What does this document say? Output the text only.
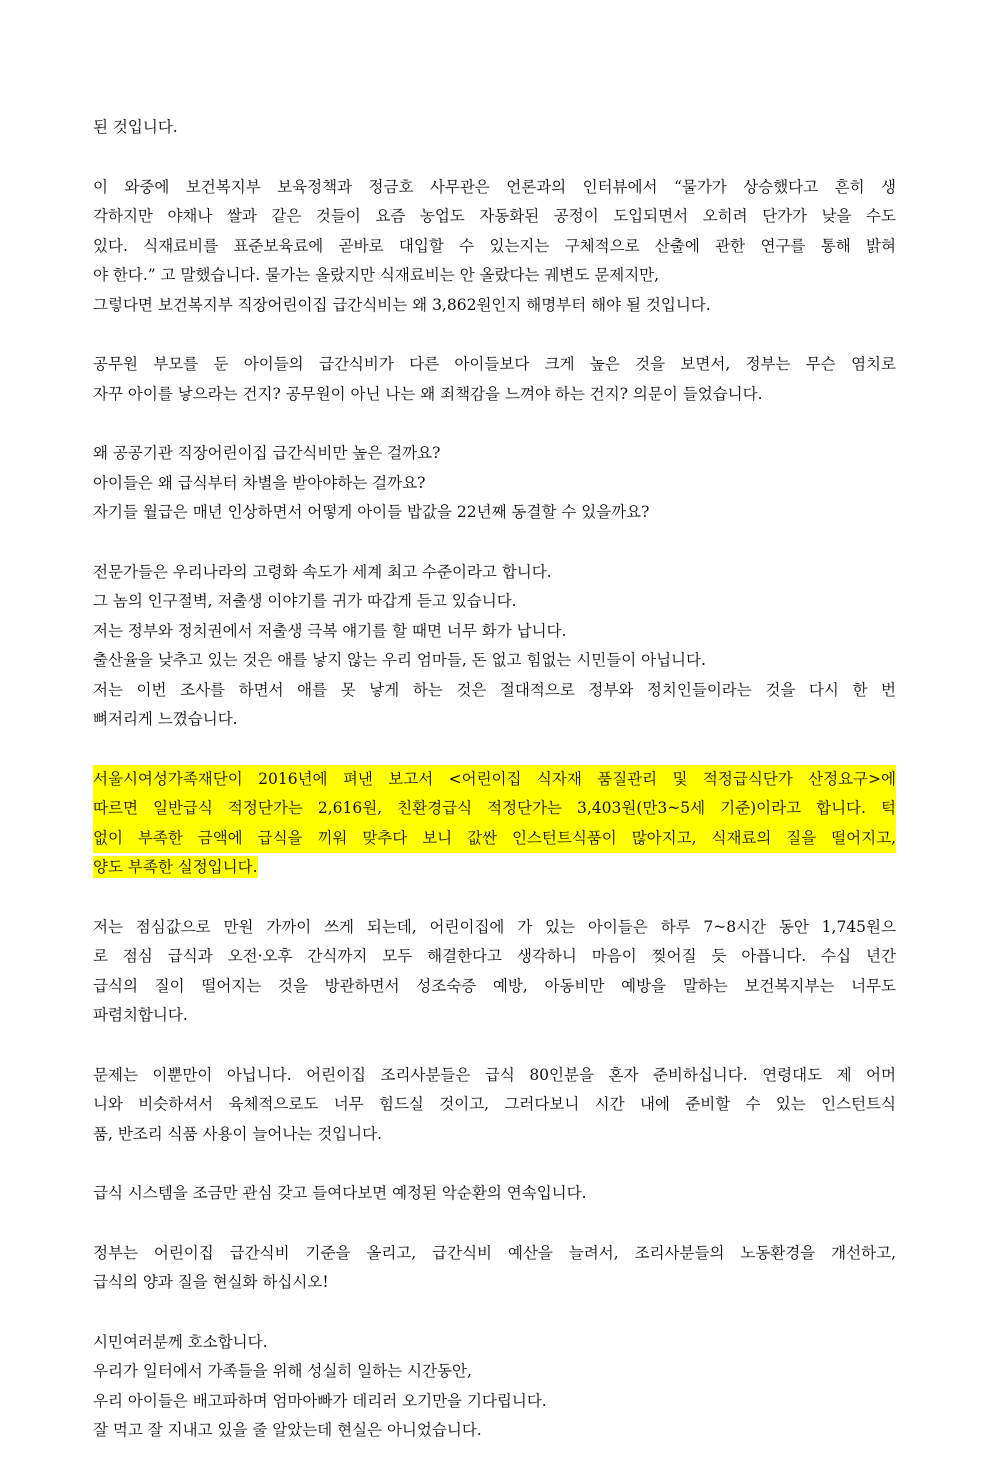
된 것입니다.
이 와중에 보건복지부 보육정책과 정금호 사무관은 언론과의 인터뷰에서 “물가가 상승했다고 흔히 생
각하지만 야채나 쌀과 같은 것들이 요즘 농업도 자동화된 공정이 도입되면서 오히려 단가가 낮을 수도
있다. 식재료비를 표준보육료에 곧바로 대입할 수 있는지는 구체적으로 산출에 관한 연구를 통해 밝혀
야 한다.” 고 말했습니다. 물가는 올랐지만 식재료비는 안 올랐다는 궤변도 문제지만,
그렇다면 보건복지부 직장어린이집 급간식비는 왜 3,862원인지 해명부터 해야 될 것입니다.
공무원 부모를 둔 아이들의 급간식비가 다른 아이들보다 크게 높은 것을 보면서, 정부는 무슨 염치로
자꾸 아이를 낳으라는 건지? 공무원이 아닌 나는 왜 죄책감을 느껴야 하는 건지? 의문이 들었습니다.
왜 공공기관 직장어린이집 급간식비만 높은 걸까요?
아이들은 왜 급식부터 차별을 받아야하는 걸까요?
자기들 월급은 매년 인상하면서 어떻게 아이들 밥값을 22년째 동결할 수 있을까요?
전문가들은 우리나라의 고령화 속도가 세계 최고 수준이라고 합니다.
그 놈의 인구절벽, 저출생 이야기를 귀가 따갑게 듣고 있습니다.
저는 정부와 정치권에서 저출생 극복 얘기를 할 때면 너무 화가 납니다.
출산율을 낮추고 있는 것은 애를 낳지 않는 우리 엄마들, 돈 없고 힘없는 시민들이 아닙니다.
저는 이번 조사를 하면서 애를 못 낳게 하는 것은 절대적으로 정부와 정치인들이라는 것을 다시 한 번
뼈저리게 느꼈습니다.
서울시여성가족재단이 2016년에 펴낸 보고서 <어린이집 식자재 품질관리 및 적정급식단가 산정요구>에
따르면 일반급식 적정단가는 2,616원, 친환경급식 적정단가는 3,403원(만3~5세 기준)이라고 합니다. 턱
없이 부족한 금액에 급식을 끼워 맞추다 보니 값싼 인스턴트식품이 많아지고, 식재료의 질을 떨어지고,
양도 부족한 실정입니다.
저는 점심값으로 만원 가까이 쓰게 되는데, 어린이집에 가 있는 아이들은 하루 7~8시간 동안 1,745원으
로 점심 급식과 오전·오후 간식까지 모두 해결한다고 생각하니 마음이 찢어질 듯 아픕니다. 수십 년간
급식의 질이 떨어지는 것을 방관하면서 성조숙증 예방, 아동비만 예방을 말하는 보건복지부는 너무도
파렴치합니다.
문제는 이뿐만이 아닙니다. 어린이집 조리사분들은 급식 80인분을 혼자 준비하십니다. 연령대도 제 어머
니와 비슷하셔서 육체적으로도 너무 힘드실 것이고, 그러다보니 시간 내에 준비할 수 있는 인스턴트식
품, 반조리 식품 사용이 늘어나는 것입니다.
급식 시스템을 조금만 관심 갖고 들여다보면 예정된 악순환의 연속입니다.
정부는 어린이집 급간식비 기준을 올리고, 급간식비 예산을 늘려서, 조리사분들의 노동환경을 개선하고,
급식의 양과 질을 현실화 하십시오!
시민여러분께 호소합니다.
우리가 일터에서 가족들을 위해 성실히 일하는 시간동안,
우리 아이들은 배고파하며 엄마아빠가 데리러 오기만을 기다립니다.
잘 먹고 잘 지내고 있을 줄 알았는데 현실은 아니었습니다.
